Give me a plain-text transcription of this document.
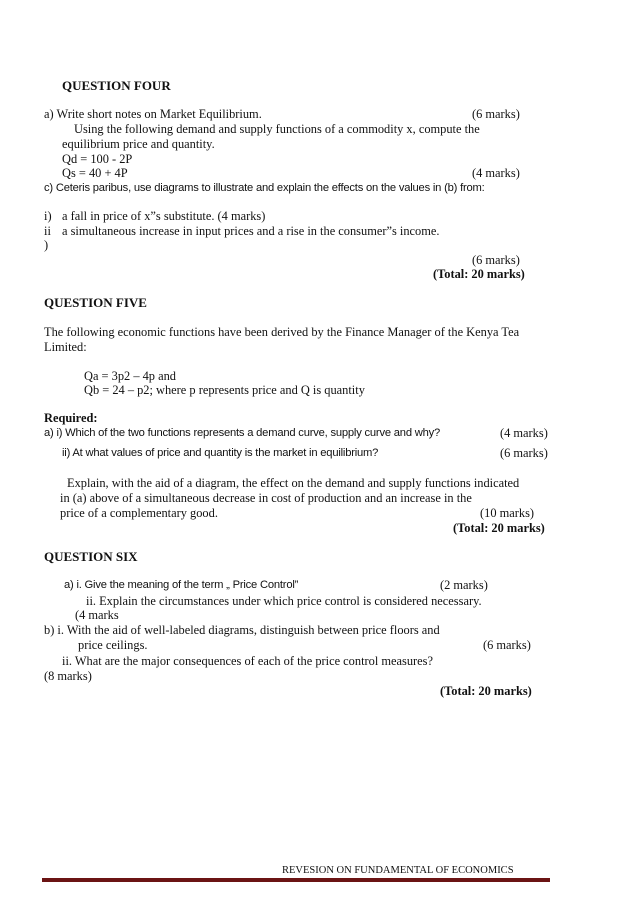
QUESTION FOUR
a) Write short notes on Market Equilibrium.	(6 marks)
Using the following demand and supply functions of a commodity x, compute the
equilibrium price and quantity.
Qd = 100 - 2P
Qs = 40 + 4P	(4 marks)
c) Ceteris paribus, use diagrams to illustrate and explain the effects on the values in (b) from:
i) a fall in price of x”s substitute. (4 marks)
ii a simultaneous increase in input prices and a rise in the consumer”s income.
)
(6 marks)
(Total: 20 marks)
QUESTION FIVE
The following economic functions have been derived by the Finance Manager of the Kenya Tea
Limited:
Qa = 3p2 – 4p and
Qb = 24 – p2; where p represents price and Q is quantity
Required:
a) i) Which of the two functions represents a demand curve, supply curve and why?	(4 marks)
ii) At what values of price and quantity is the market in equilibrium?	(6 marks)
Explain, with the aid of a diagram, the effect on the demand and supply functions indicated
in (a) above of a simultaneous decrease in cost of production and an increase in the
price of a complementary good.	(10 marks)
(Total: 20 marks)
QUESTION SIX
a) i. Give the meaning of the term „ Price Control”	(2 marks)
ii. Explain the circumstances under which price control is considered necessary.
(4 marks
b) i. With the aid of well-labeled diagrams, distinguish between price floors and
price ceilings.	(6 marks)
ii. What are the major consequences of each of the price control measures?
(8 marks)
(Total: 20 marks)
REVESION ON FUNDAMENTAL OF ECONOMICS
